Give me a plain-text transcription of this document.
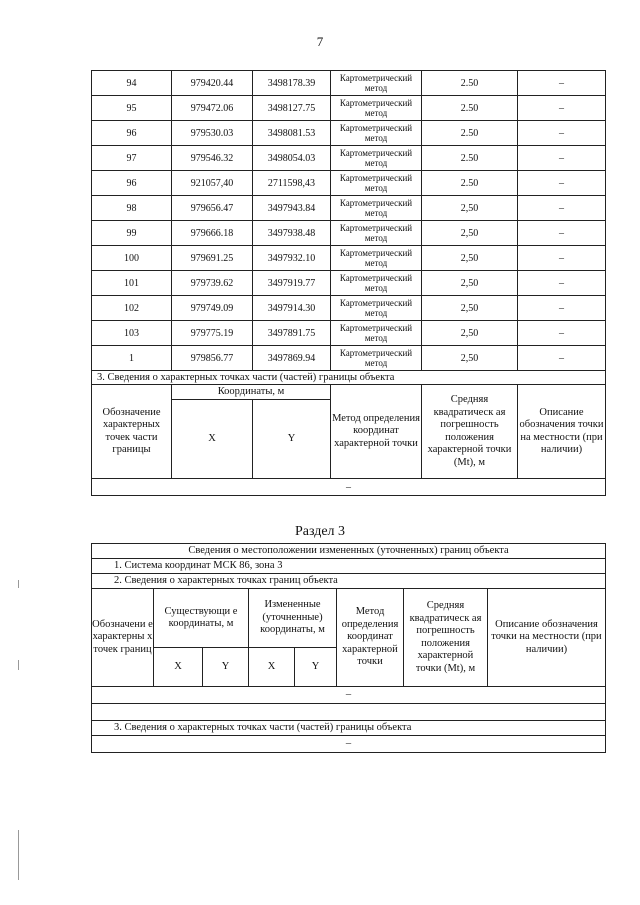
7
94	979420.44	3498178.39	Картометрический метод	2.50	–
95	979472.06	3498127.75	Картометрический метод	2.50	–
96	979530.03	3498081.53	Картометрический метод	2.50	–
97	979546.32	3498054.03	Картометрический метод	2.50	–
96	921057,40	2711598,43	Картометрический метод	2.50	–
98	979656.47	3497943.84	Картометрический метод	2,50	–
99	979666.18	3497938.48	Картометрический метод	2,50	–
100	979691.25	3497932.10	Картометрический метод	2,50	–
101	979739.62	3497919.77	Картометрический метод	2,50	–
102	979749.09	3497914.30	Картометрический метод	2,50	–
103	979775.19	3497891.75	Картометрический метод	2,50	–
1	979856.77	3497869.94	Картометрический метод	2,50	–
3. Сведения о характерных точках части (частей) границы объекта					
Обозначение характерных точек части границы	Координаты, м		Метод определения координат характерной точки	Средняя квадратическ ая погрешность положения характерной точки (Mt), м	Описание обозначения точки на местности (при наличии)
	X	Y			
–					
Раздел 3
Сведения о местоположении измененных (уточненных) границ объекта							
1. Система координат МСК 86, зона 3							
2. Сведения о характерных точках границ объекта							
Обозначени е характерны х точек границ	Существующи е координаты, м		Измененные (уточненные) координаты, м		Метод определения координат характерной точки	Средняя квадратическ ая погрешность положения характерной точки (Mt), м	Описание обозначения точки на местности (при наличии)
	X	Y	X	Y			
–							

3. Сведения о характерных точках части (частей) границы объекта							
–							
